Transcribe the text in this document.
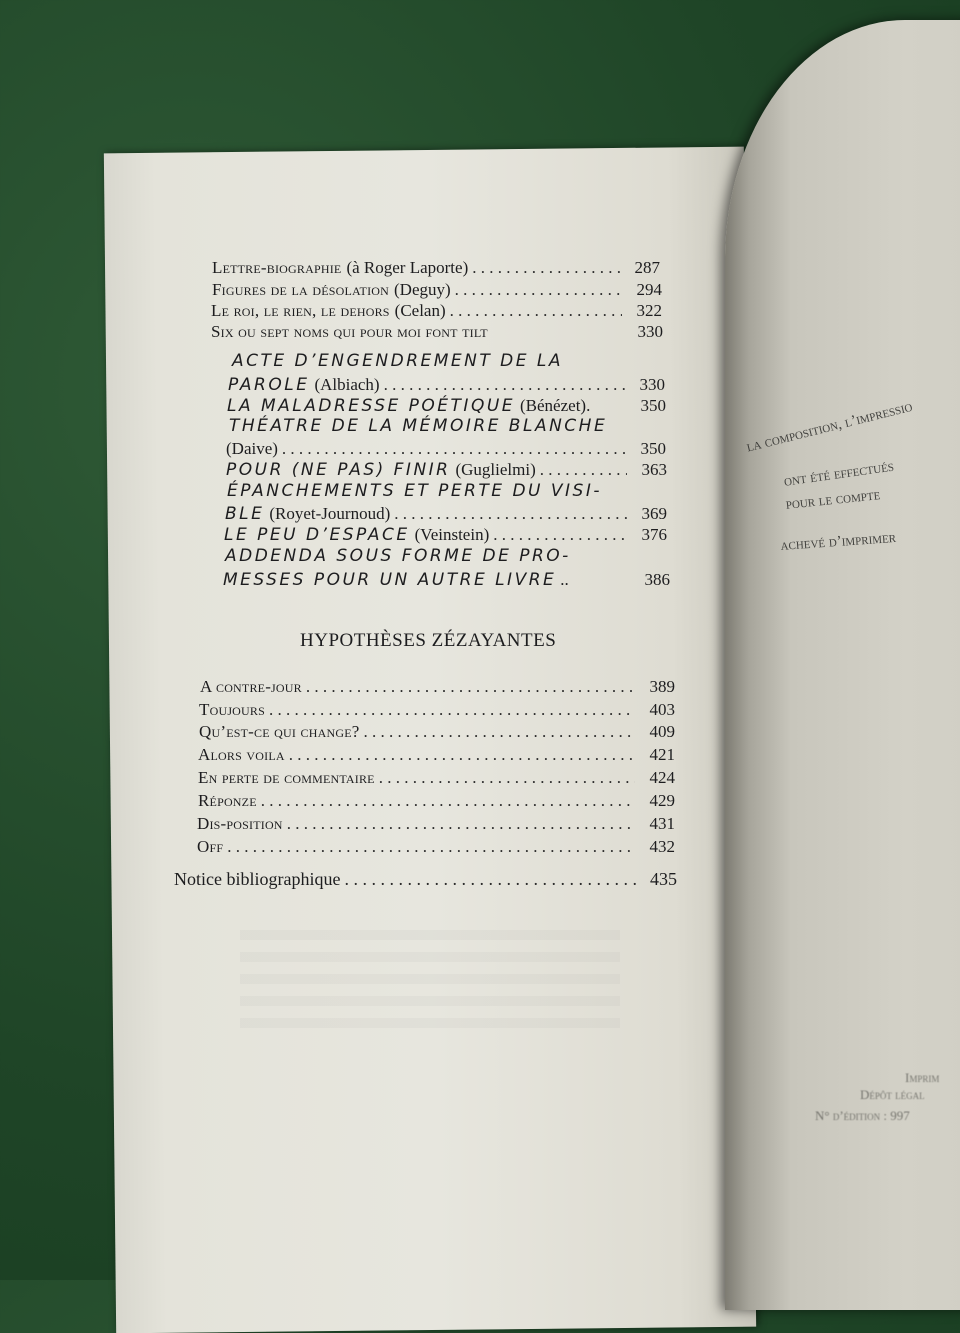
Lettre-biographie (à Roger Laporte) . . .	287
Figures de la désolation (Deguy) . . .	294
Le roi, le rien, le dehors (Celan) . . .	322
Six ou sept noms qui pour moi font tilt	330
ACTE D’ENGENDREMENT DE LA
PAROLE (Albiach) . . .	330
LA MALADRESSE POÉTIQUE (Bénézet).	350
THÉATRE DE LA MÉMOIRE BLANCHE
(Daive) . . .	350
POUR (NE PAS) FINIR (Guglielmi) . . .	363
ÉPANCHEMENTS ET PERTE DU VISI-
BLE (Royet-Journoud) . . .	369
LE PEU D’ESPACE (Veinstein) . . .	376
ADDENDA SOUS FORME DE PRO-
MESSES POUR UN AUTRE LIVRE ..	386
HYPOTHÈSES ZÉZAYANTES
A contre-jour . . .	389
Toujours . . .	403
Qu’est-ce qui change? . . .	409
Alors voila . . .	421
En perte de commentaire . . .	424
Réponze . . .	429
Dis-position . . .	431
Off . . .	432
Notice bibliographique . . .	435
la composition, l’impressio
ont été effectués
pour le compte
achevé d’imprimer
Imprim
Dépôt légal
N° d’édition : 997
